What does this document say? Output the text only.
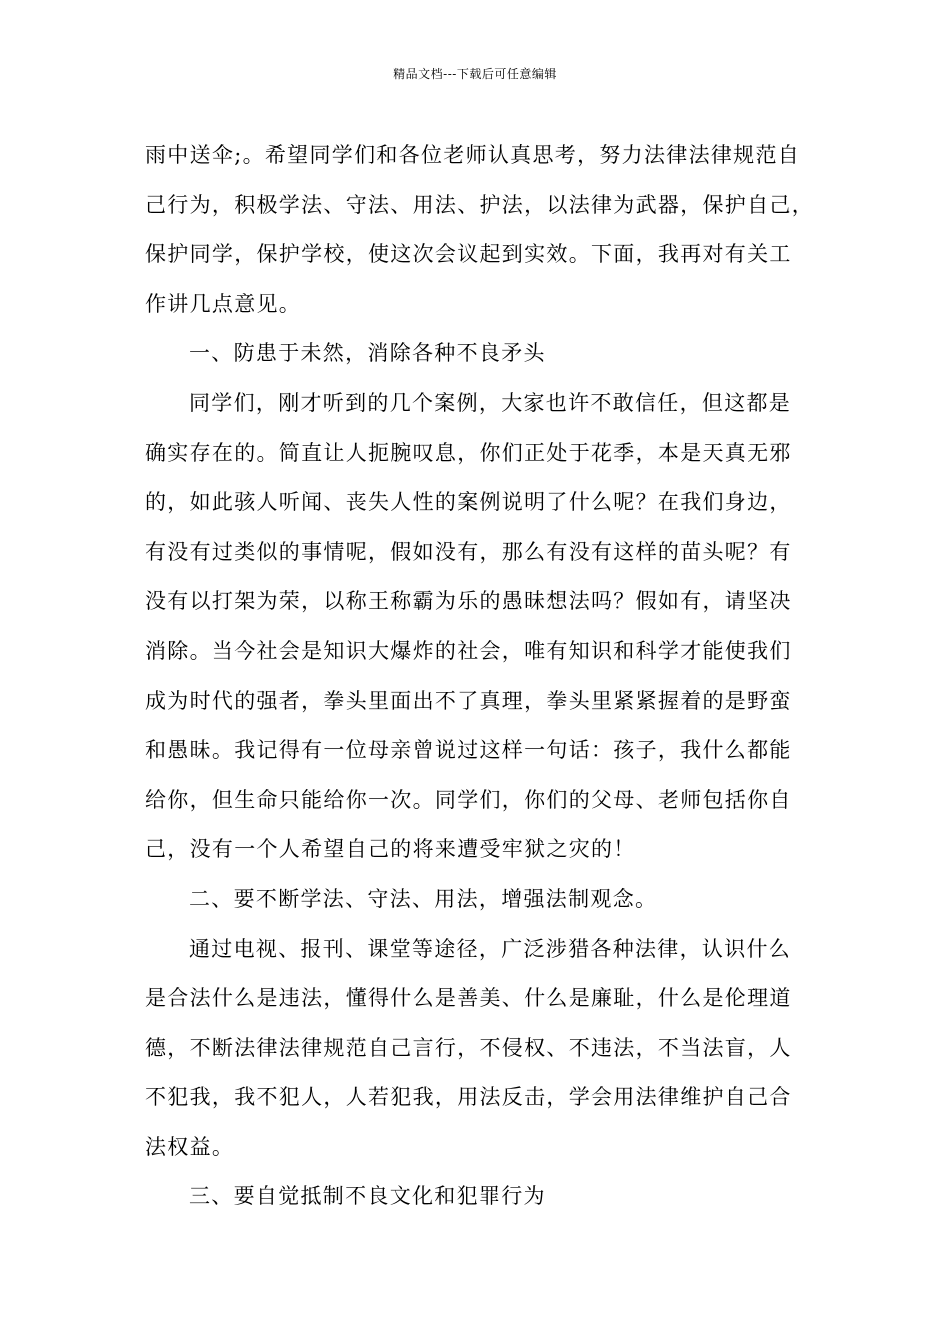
精品文档---下载后可任意编辑
雨中送伞;。希望同学们和各位老师认真思考，努力法律法律规范自
己行为，积极学法、守法、用法、护法，以法律为武器，保护自己，
保护同学，保护学校，使这次会议起到实效。下面，我再对有关工
作讲几点意见。
一、防患于未然，消除各种不良矛头
同学们，刚才听到的几个案例，大家也许不敢信任，但这都是
确实存在的。简直让人扼腕叹息，你们正处于花季，本是天真无邪
的，如此骇人听闻、丧失人性的案例说明了什么呢？在我们身边，
有没有过类似的事情呢，假如没有，那么有没有这样的苗头呢？有
没有以打架为荣，以称王称霸为乐的愚昧想法吗？假如有，请坚决
消除。当今社会是知识大爆炸的社会，唯有知识和科学才能使我们
成为时代的强者，拳头里面出不了真理，拳头里紧紧握着的是野蛮
和愚昧。我记得有一位母亲曾说过这样一句话：孩子，我什么都能
给你，但生命只能给你一次。同学们，你们的父母、老师包括你自
己，没有一个人希望自己的将来遭受牢狱之灾的！
二、要不断学法、守法、用法，增强法制观念。
通过电视、报刊、课堂等途径，广泛涉猎各种法律，认识什么
是合法什么是违法，懂得什么是善美、什么是廉耻，什么是伦理道
德，不断法律法律规范自己言行，不侵权、不违法，不当法盲，人
不犯我，我不犯人，人若犯我，用法反击，学会用法律维护自己合
法权益。
三、要自觉抵制不良文化和犯罪行为
